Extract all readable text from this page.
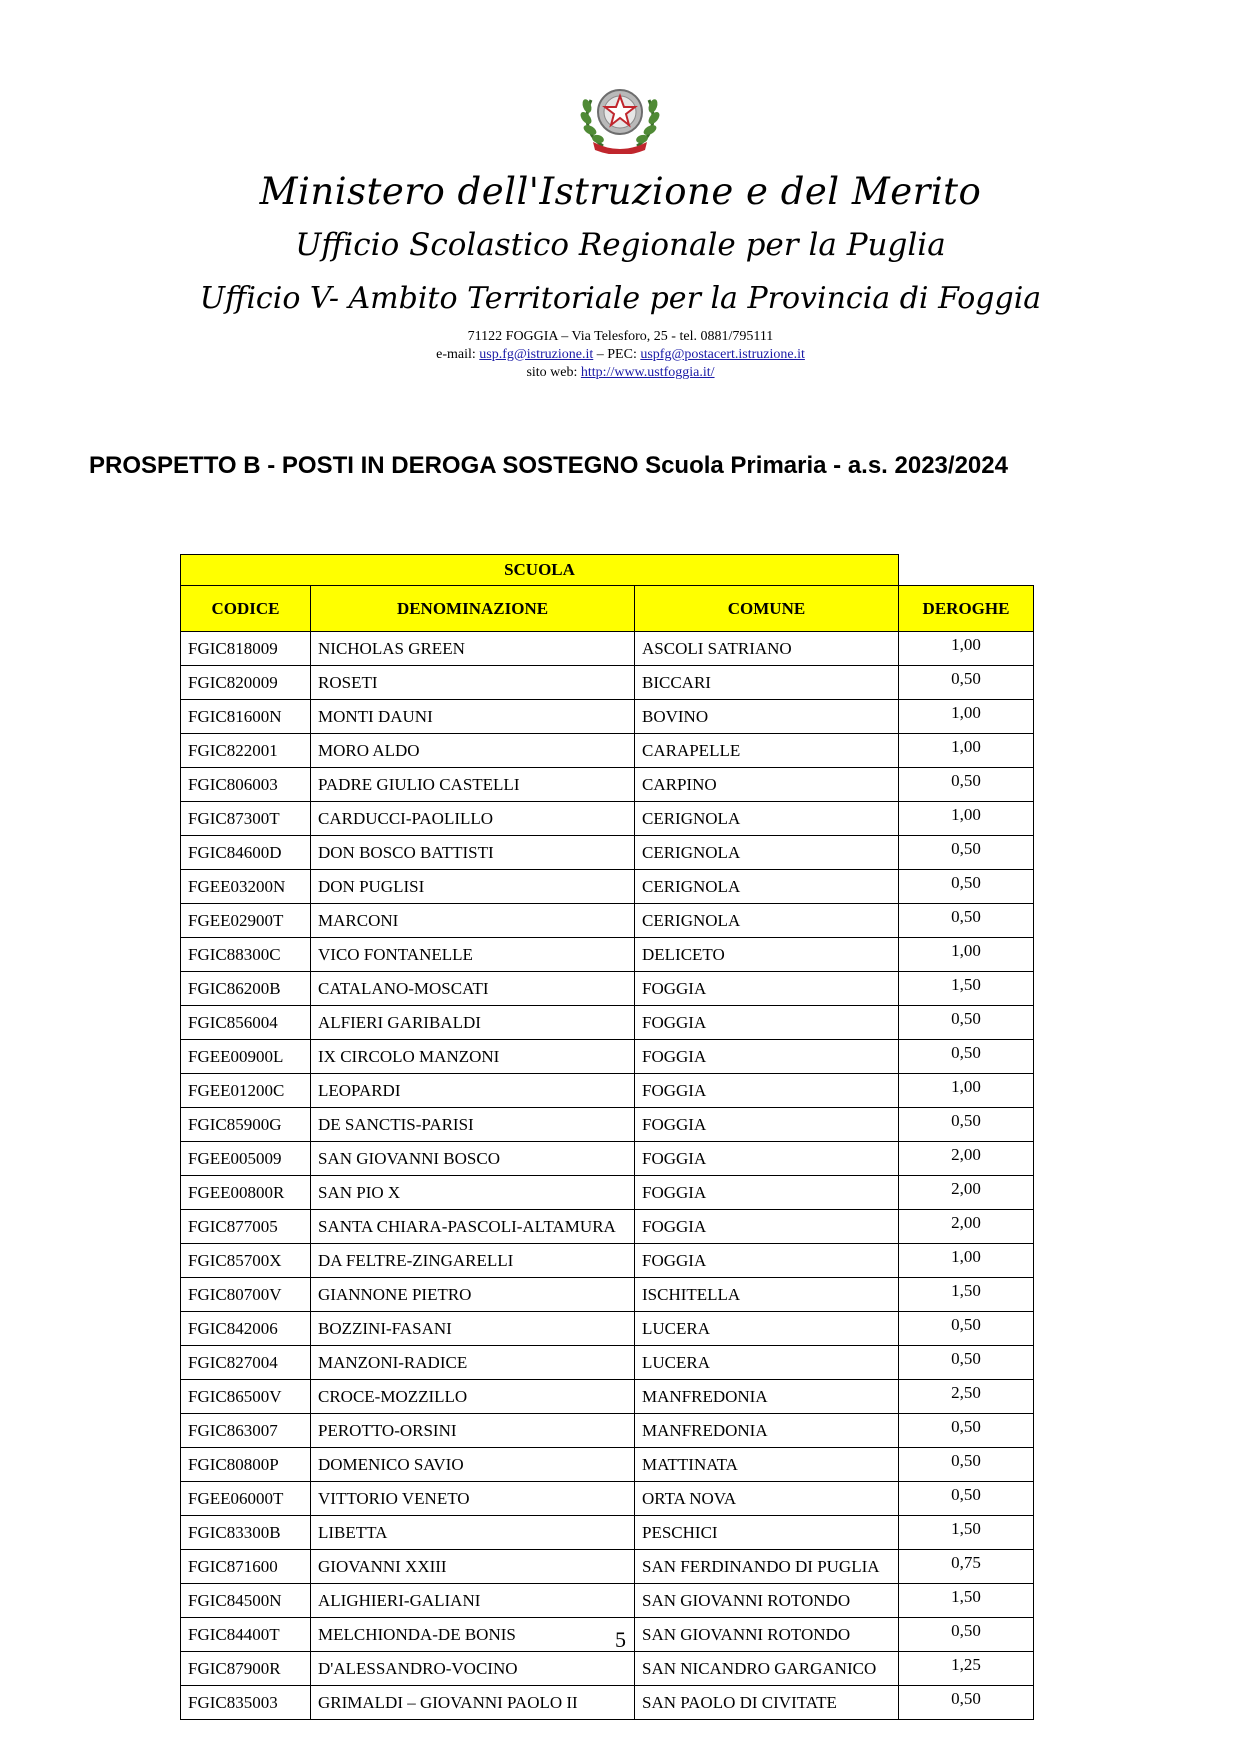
Ministero dell'Istruzione e del Merito
Ufficio Scolastico Regionale per la Puglia
Ufficio V- Ambito Territoriale per la Provincia di Foggia
71122 FOGGIA – Via Telesforo, 25 - tel. 0881/795111
e-mail: usp.fg@istruzione.it – PEC: uspfg@postacert.istruzione.it
sito web: http://www.ustfoggia.it/
PROSPETTO B - POSTI IN DEROGA SOSTEGNO Scuola Primaria - a.s. 2023/2024
SCUOLA			
CODICE	DENOMINAZIONE	COMUNE	DEROGHE
FGIC818009	NICHOLAS GREEN	ASCOLI SATRIANO	1,00
FGIC820009	ROSETI	BICCARI	0,50
FGIC81600N	MONTI DAUNI	BOVINO	1,00
FGIC822001	MORO ALDO	CARAPELLE	1,00
FGIC806003	PADRE GIULIO CASTELLI	CARPINO	0,50
FGIC87300T	CARDUCCI-PAOLILLO	CERIGNOLA	1,00
FGIC84600D	DON BOSCO BATTISTI	CERIGNOLA	0,50
FGEE03200N	DON PUGLISI	CERIGNOLA	0,50
FGEE02900T	MARCONI	CERIGNOLA	0,50
FGIC88300C	VICO FONTANELLE	DELICETO	1,00
FGIC86200B	CATALANO-MOSCATI	FOGGIA	1,50
FGIC856004	ALFIERI GARIBALDI	FOGGIA	0,50
FGEE00900L	IX CIRCOLO MANZONI	FOGGIA	0,50
FGEE01200C	LEOPARDI	FOGGIA	1,00
FGIC85900G	DE SANCTIS-PARISI	FOGGIA	0,50
FGEE005009	SAN GIOVANNI BOSCO	FOGGIA	2,00
FGEE00800R	SAN PIO X	FOGGIA	2,00
FGIC877005	SANTA CHIARA-PASCOLI-ALTAMURA	FOGGIA	2,00
FGIC85700X	DA FELTRE-ZINGARELLI	FOGGIA	1,00
FGIC80700V	GIANNONE PIETRO	ISCHITELLA	1,50
FGIC842006	BOZZINI-FASANI	LUCERA	0,50
FGIC827004	MANZONI-RADICE	LUCERA	0,50
FGIC86500V	CROCE-MOZZILLO	MANFREDONIA	2,50
FGIC863007	PEROTTO-ORSINI	MANFREDONIA	0,50
FGIC80800P	DOMENICO SAVIO	MATTINATA	0,50
FGEE06000T	VITTORIO VENETO	ORTA NOVA	0,50
FGIC83300B	LIBETTA	PESCHICI	1,50
FGIC871600	GIOVANNI XXIII	SAN FERDINANDO DI PUGLIA	0,75
FGIC84500N	ALIGHIERI-GALIANI	SAN GIOVANNI ROTONDO	1,50
FGIC84400T	MELCHIONDA-DE BONIS	SAN GIOVANNI ROTONDO	0,50
FGIC87900R	D'ALESSANDRO-VOCINO	SAN NICANDRO GARGANICO	1,25
FGIC835003	GRIMALDI – GIOVANNI PAOLO II	SAN PAOLO DI CIVITATE	0,50
5
